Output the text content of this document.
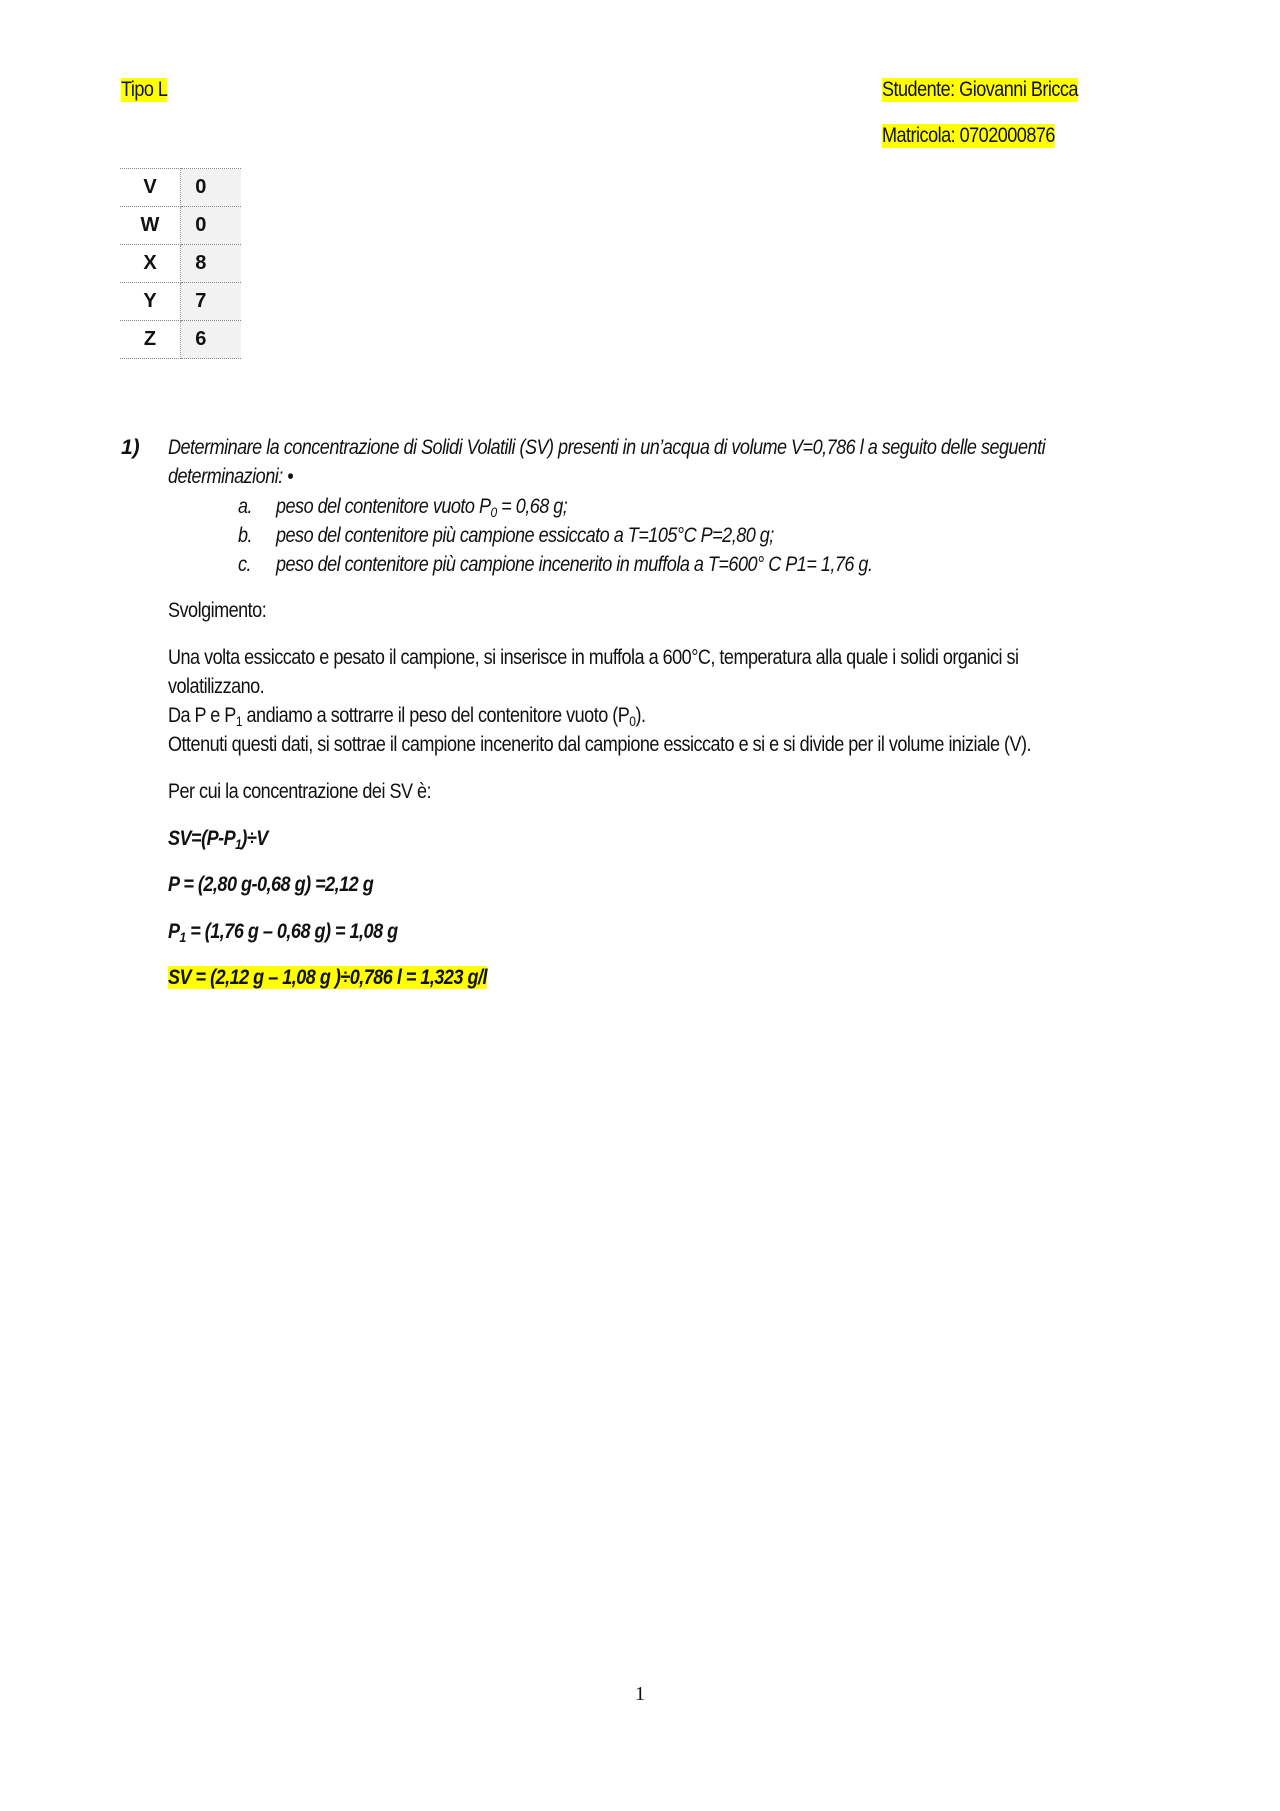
Tipo L	Studente: Giovanni Bricca
Matricola: 0702000876
V	0
W	0
X	8
Y	7
Z	6
1) Determinare la concentrazione di Solidi Volatili (SV) presenti in un’acqua di volume V=0,786 l a seguito delle seguenti
determinazioni: •
a. peso del contenitore vuoto $P_0 = 0,68$ g;
b. peso del contenitore più campione essiccato a T=105°C P=2,80 g;
c. peso del contenitore più campione incenerito in muffola a T=600° C P1= 1,76 g.
Svolgimento:
Una volta essiccato e pesato il campione, si inserisce in muffola a 600°C, temperatura alla quale i solidi organici si
volatilizzano.
Da P e $P_1$ andiamo a sottrarre il peso del contenitore vuoto $(P_0)$.
Ottenuti questi dati, si sottrae il campione incenerito dal campione essiccato e si e si divide per il volume iniziale (V).
Per cui la concentrazione dei SV è:
$SV=(P-P_1)\div V$
P = (2,80 g-0,68 g) =2,12 g
$P_1 = (1,76$ g – 0,68 g) = 1,08 g
SV = (2,12 g – 1,08 g )÷0,786 l = 1,323 g/l
1
